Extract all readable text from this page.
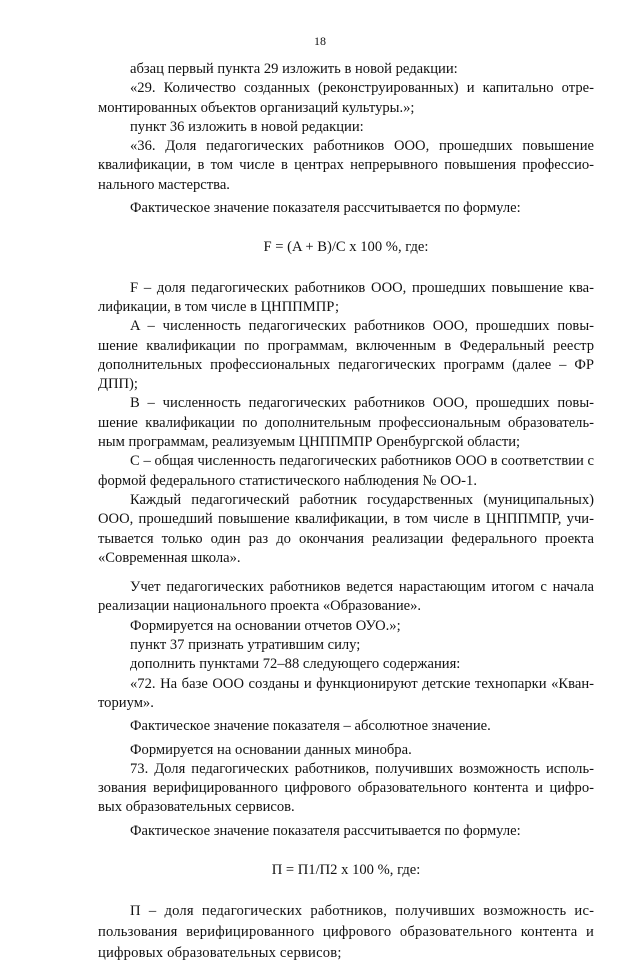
18

абзац первый пункта 29 изложить в новой редакции:

«29. Количество созданных (реконструированных) и капитально отремонтированных объектов организаций культуры.»;

пункт 36 изложить в новой редакции:

«36. Доля педагогических работников ООО, прошедших повышение квалификации, в том числе в центрах непрерывного повышения профессионального мастерства.

Фактическое значение показателя рассчитывается по формуле:

F = (A + B)/C x 100 %, где:

F – доля педагогических работников ООО, прошедших повышение квалификации, в том числе в ЦНППМПР;

A – численность педагогических работников ООО, прошедших повышение квалификации по программам, включенным в Федеральный реестр дополнительных профессиональных педагогических программ (далее – ФР ДПП);

B – численность педагогических работников ООО, прошедших повышение квалификации по дополнительным профессиональным образовательным программам, реализуемым ЦНППМПР Оренбургской области;

C – общая численность педагогических работников ООО в соответствии с формой федерального статистического наблюдения № ОО-1.

Каждый педагогический работник государственных (муниципальных) ООО, прошедший повышение квалификации, в том числе в ЦНППМПР, учитывается только один раз до окончания реализации федерального проекта «Современная школа».

Учет педагогических работников ведется нарастающим итогом с начала реализации национального проекта «Образование».

Формируется на основании отчетов ОУО.»;

пункт 37 признать утратившим силу;

дополнить пунктами 72–88 следующего содержания:

«72. На базе ООО созданы и функционируют детские технопарки «Кванториум».

Фактическое значение показателя – абсолютное значение.

Формируется на основании данных минобра.

73. Доля педагогических работников, получивших возможность использования верифицированного цифрового образовательного контента и цифровых образовательных сервисов.

Фактическое значение показателя рассчитывается по формуле:

П = П1/П2 x 100 %, где:

П – доля педагогических работников, получивших возможность использования верифицированного цифрового образовательного контента и цифровых образовательных сервисов;
